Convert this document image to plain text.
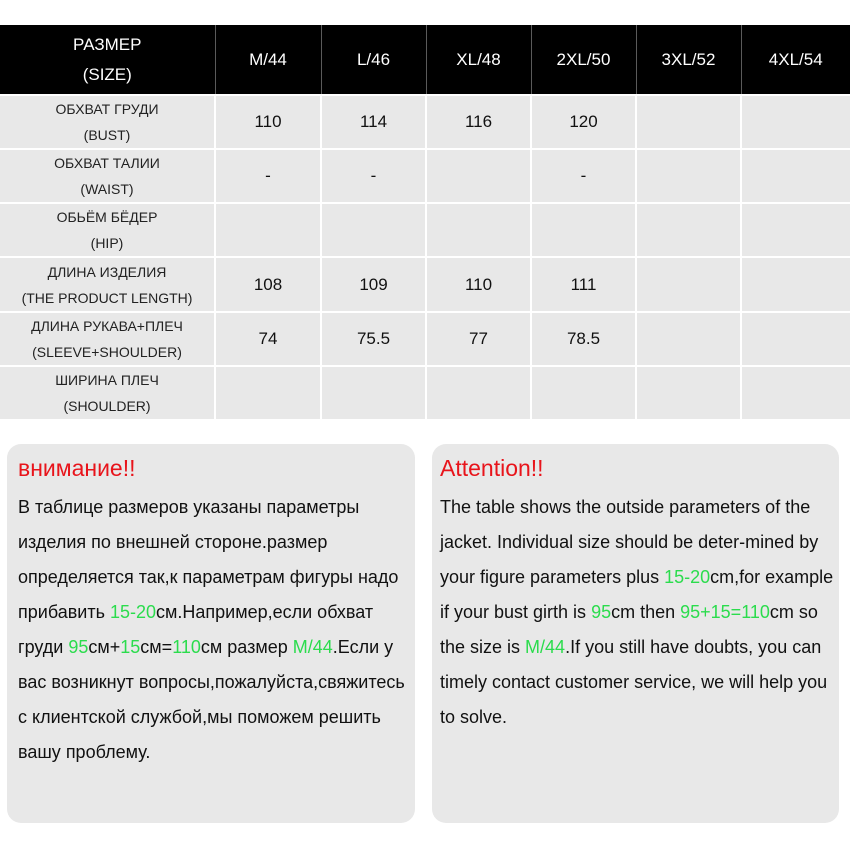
РАЗМЕР
(SIZE)	M/44	L/46	XL/48	2XL/50	3XL/52	4XL/54

ОБХВАТ ГРУДИ
(BUST)	110	114	116	120		

ОБХВАТ ТАЛИИ
(WAIST)	-	-		-		

ОБЬЁМ БЁДЕР
(HIP)						

ДЛИНА ИЗДЕЛИЯ
(THE PRODUCT LENGTH)	108	109	110	111		

ДЛИНА РУКАВА+ПЛЕЧ
(SLEEVE+SHOULDER)	74	75.5	77	78.5		

ШИРИНА ПЛЕЧ
(SHOULDER)						

внимание!!
В таблице размеров указаны параметры изделия по внешней стороне.размер определяется так,к параметрам фигуры надо прибавить 15-20см.Например,если обхват груди 95см+15см=110см размер M/44.Если у вас возникнут вопросы,пожалуйста,свяжитесь с клиентской службой,мы поможем решить вашу проблему.
Attention!!
The table shows the outside parameters of the jacket. Individual size should be deter-mined by your figure parameters plus 15-20cm,for example if your bust girth is 95cm then 95+15=110cm so the size is M/44.If you still have doubts, you can timely contact customer service, we will help you to solve.
